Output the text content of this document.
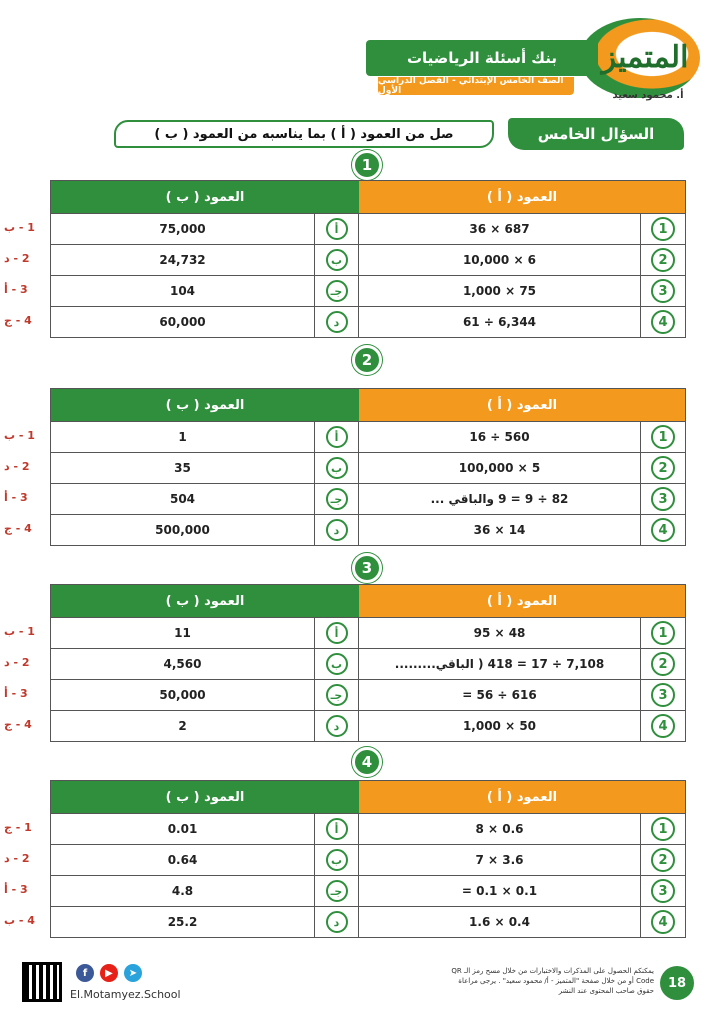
المتميز
أ. محمود سعيد
بنك أسئلة الرياضيات
الصف الخامس الإبتدائي - الفصل الدراسي الأول
السؤال الخامس
صل من العمود ( أ ) بما يناسبه من العمود ( ب )
1
1 - ب
2 - د
3 - أ
4 - ج
العمود ( ب )	العمود ( أ )
75,000	أ	36 × 687	1
24,732	ب	10,000 × 6	2
104	جـ	1,000 × 75	3
60,000	د	61 ÷ 6,344	4
2
1 - ب
2 - د
3 - أ
4 - ج
العمود ( ب )	العمود ( أ )
1	أ	16 ÷ 560	1
35	ب	100,000 × 5	2
504	جـ	82 ÷ 9 = 9 والباقي ...	3
500,000	د	36 × 14	4
3
1 - ب
2 - د
3 - أ
4 - ج
العمود ( ب )	العمود ( أ )
11	أ	95 × 48	1
4,560	ب	7,108 ÷ 17 = 418 ( الباقي.........	2
50,000	جـ	= 56 ÷ 616	3
2	د	1,000 × 50	4
4
1 - ج
2 - د
3 - أ
4 - ب
العمود ( ب )	العمود ( أ )
0.01	أ	8 × 0.6	1
0.64	ب	7 × 3.6	2
4.8	جـ	= 0.1 × 0.1	3
25.2	د	1.6 × 0.4	4
18
يمكنكم الحصول على المذكرات والاختبارات من خلال مسح رمز الـ QR Code أو من خلال صفحة "المتميز - أ/ محمود سعيد" . يرجى مراعاة حقوق صاحب المحتوى عند النشر
➤
▶
f
El.Motamyez.School
